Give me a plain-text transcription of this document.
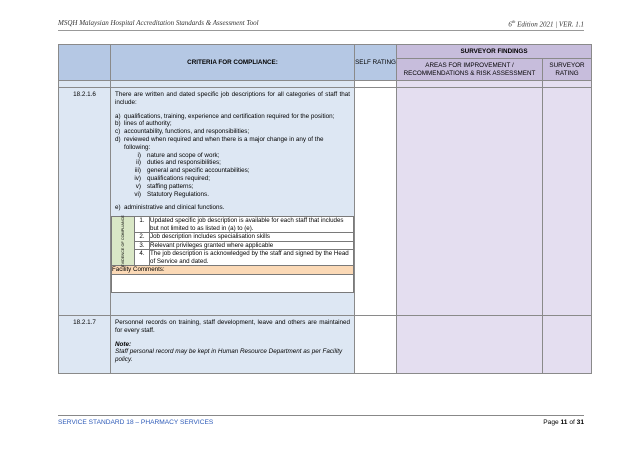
MSQH Malaysian Hospital Accreditation Standards & Assessment Tool	6th Edition 2021 | VER. 1.1
	CRITERIA FOR COMPLIANCE:	SELF RATING	SURVEYOR FINDINGS
AREAS FOR IMPROVEMENT / RECOMMENDATIONS & RISK ASSESSMENT	SURVEYOR RATING

18.2.1.6	There are written and dated specific job descriptions for all categories of staff that include:

a) qualifications, training, experience and certification required for the position;
b) lines of authority;
c) accountability, functions, and responsibilities;
d) reviewed when required and when there is a major change in any of the following:
i) nature and scope of work;
ii) duties and responsibilities;
iii) general and specific accountabilities;
iv) qualifications required;
v) staffing patterns;
vi) Statutory Regulations.
e) administrative and clinical functions.
EVIDENCE OF COMPLIANCE	1.	Updated specific job description is available for each staff that includes but not limited to as listed in (a) to (e).
2.	Job description includes specialisation skills
3.	Relevant privileges granted where applicable
4.	The job description is acknowledged by the staff and signed by the Head of Service and dated.
Facility Comments:

18.2.1.7	Personnel records on training, staff development, leave and others are maintained for every staff.

Note:

Staff personal record may be kept in Human Resource Department as per Facility policy.

SERVICE STANDARD 18 – PHARMACY SERVICES	Page 11 of 31
